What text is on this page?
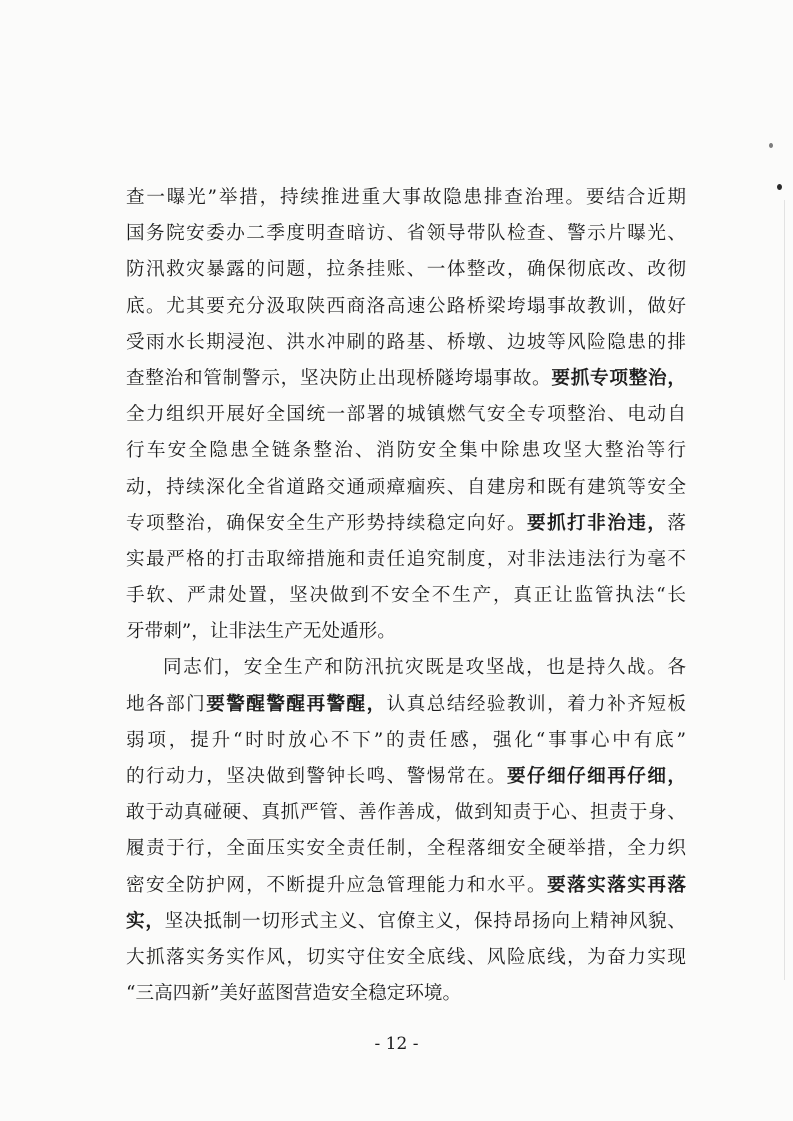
查一曝光”举措，持续推进重大事故隐患排查治理。要结合近期
国务院安委办二季度明查暗访、省领导带队检查、警示片曝光、
防汛救灾暴露的问题，拉条挂账、一体整改，确保彻底改、改彻
底。尤其要充分汲取陕西商洛高速公路桥梁垮塌事故教训，做好
受雨水长期浸泡、洪水冲刷的路基、桥墩、边坡等风险隐患的排
查整治和管制警示，坚决防止出现桥隧垮塌事故。要抓专项整治，
全力组织开展好全国统一部署的城镇燃气安全专项整治、电动自
行车安全隐患全链条整治、消防安全集中除患攻坚大整治等行
动，持续深化全省道路交通顽瘴痼疾、自建房和既有建筑等安全
专项整治，确保安全生产形势持续稳定向好。要抓打非治违，落
实最严格的打击取缔措施和责任追究制度，对非法违法行为毫不
手软、严肃处置，坚决做到不安全不生产，真正让监管执法“长
牙带刺”，让非法生产无处遁形。
同志们，安全生产和防汛抗灾既是攻坚战，也是持久战。各
地各部门要警醒警醒再警醒，认真总结经验教训，着力补齐短板
弱项，提升“时时放心不下”的责任感，强化“事事心中有底”
的行动力，坚决做到警钟长鸣、警惕常在。要仔细仔细再仔细，
敢于动真碰硬、真抓严管、善作善成，做到知责于心、担责于身、
履责于行，全面压实安全责任制，全程落细安全硬举措，全力织
密安全防护网，不断提升应急管理能力和水平。要落实落实再落
实，坚决抵制一切形式主义、官僚主义，保持昂扬向上精神风貌、
大抓落实务实作风，切实守住安全底线、风险底线，为奋力实现
“三高四新”美好蓝图营造安全稳定环境。
- 12 -
